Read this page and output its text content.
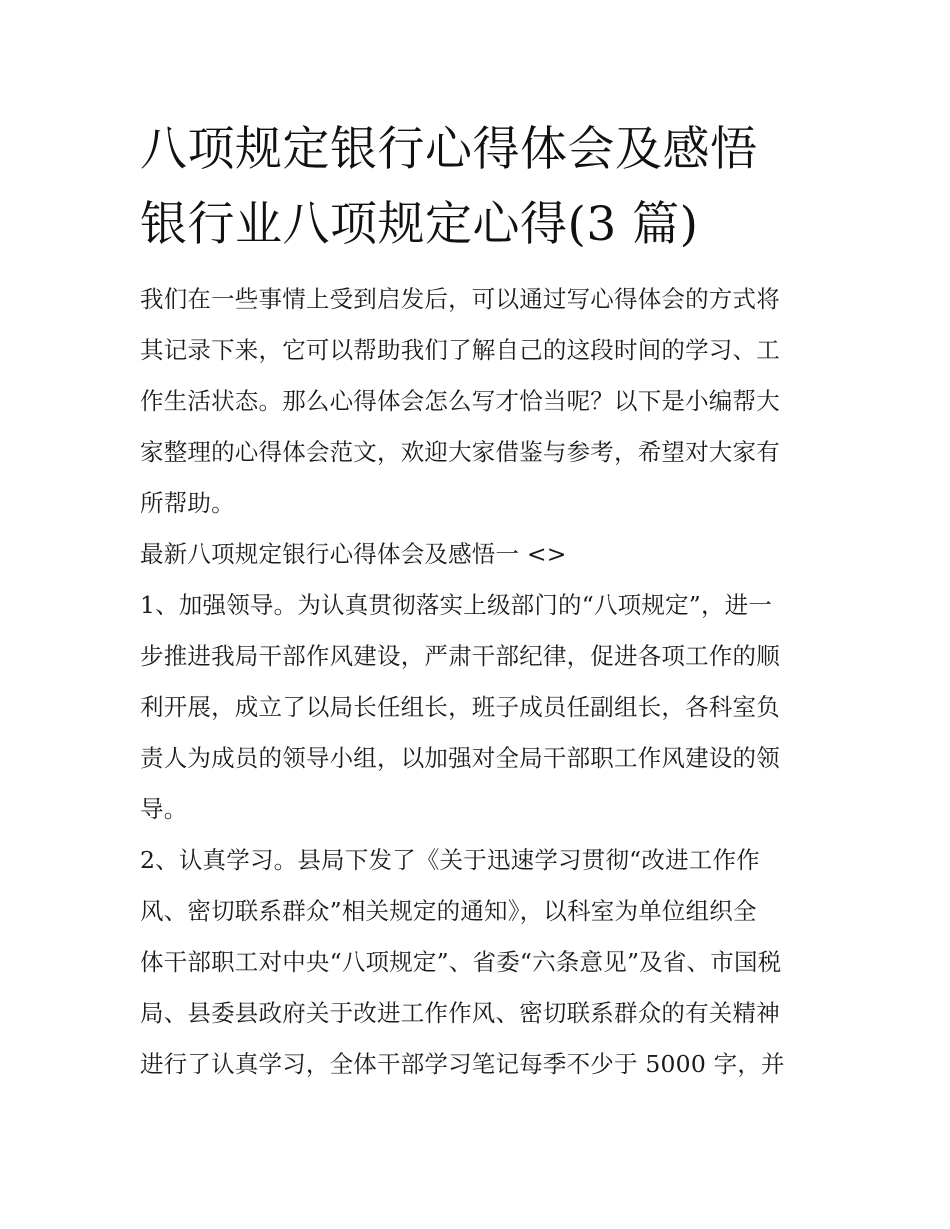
八项规定银行心得体会及感悟
银行业八项规定心得(3 篇)

我们在一些事情上受到启发后，可以通过写心得体会的方式将
其记录下来，它可以帮助我们了解自己的这段时间的学习、工
作生活状态。那么心得体会怎么写才恰当呢？以下是小编帮大
家整理的心得体会范文，欢迎大家借鉴与参考，希望对大家有
所帮助。

最新八项规定银行心得体会及感悟一 <>

1、加强领导。为认真贯彻落实上级部门的“八项规定”，进一
步推进我局干部作风建设，严肃干部纪律，促进各项工作的顺
利开展，成立了以局长任组长，班子成员任副组长，各科室负
责人为成员的领导小组，以加强对全局干部职工作风建设的领
导。

2、认真学习。县局下发了《关于迅速学习贯彻“改进工作作
风、密切联系群众”相关规定的通知》，以科室为单位组织全
体干部职工对中央“八项规定”、省委“六条意见”及省、市国税
局、县委县政府关于改进工作作风、密切联系群众的有关精神
进行了认真学习，全体干部学习笔记每季不少于 5000 字，并
